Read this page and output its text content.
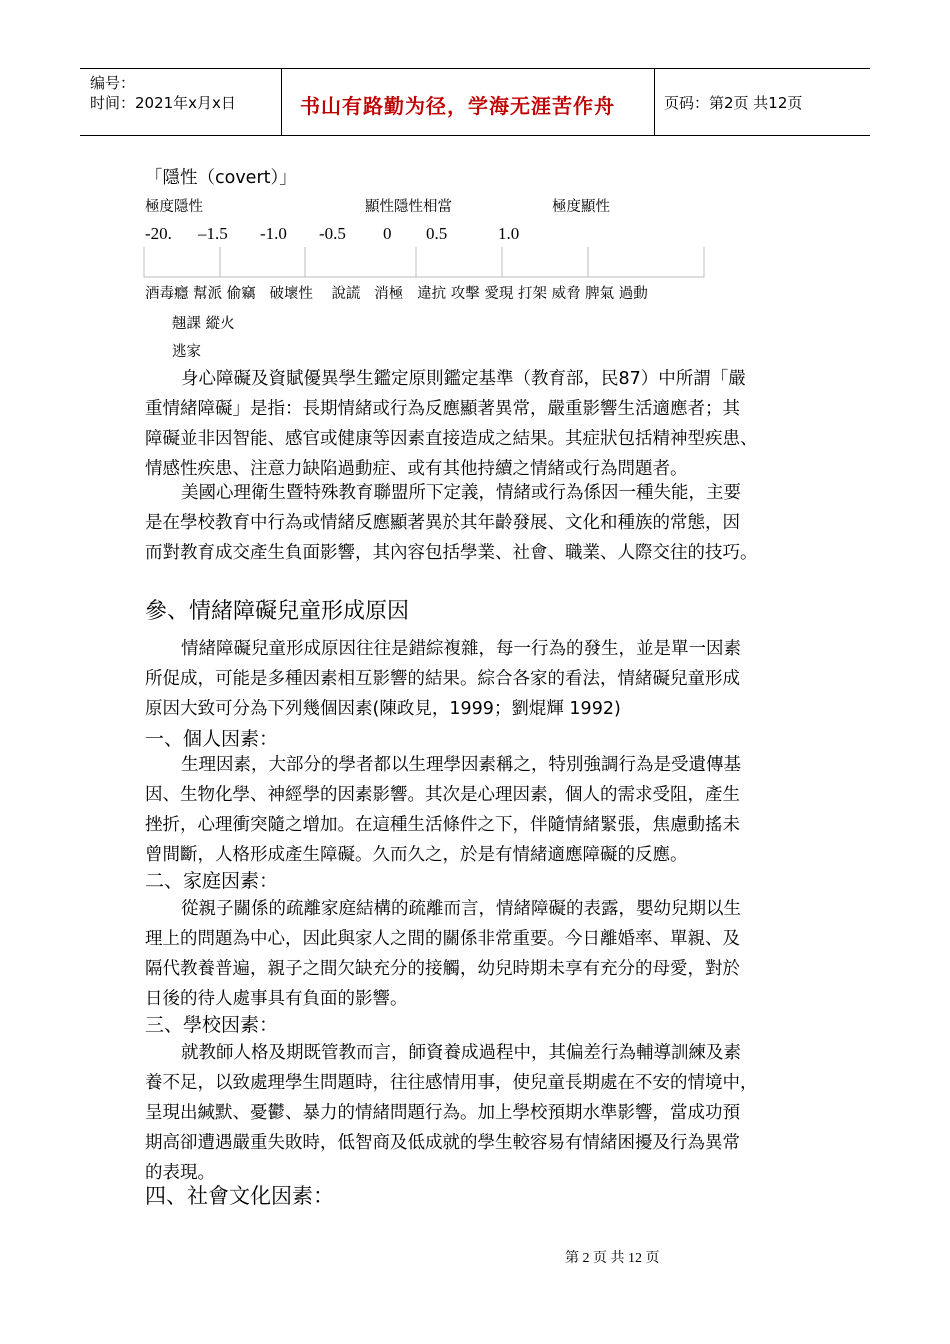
编号：
时间：2021年x月x日	书山有路勤为径，学海无涯苦作舟	页码：第2页 共12页
「隱性（covert）」
極度隱性	顯性隱性相當	極度顯性
-20. –1.5 -1.0 -0.5 0 0.5	1.0
酒毒癮 幫派 偷竊   破壞性    說謊   消極   違抗 攻擊 愛現 打架 威脅 脾氣 過動
翹課 縱火
逃家
身心障礙及資賦優異學生鑑定原則鑑定基準（教育部，民87）中所謂「嚴
重情緒障礙」是指：長期情緒或行為反應顯著異常，嚴重影響生活適應者；其
障礙並非因智能、感官或健康等因素直接造成之結果。其症狀包括精神型疾患、
情感性疾患、注意力缺陷過動症、或有其他持續之情緒或行為問題者。
美國心理衛生暨特殊教育聯盟所下定義，情緒或行為係因一種失能，主要
是在學校教育中行為或情緒反應顯著異於其年齡發展、文化和種族的常態，因
而對教育成交產生負面影響，其內容包括學業、社會、職業、人際交往的技巧。
參、情緒障礙兒童形成原因
情緒障礙兒童形成原因往往是錯綜複雜，每一行為的發生，並是單一因素
所促成，可能是多種因素相互影響的結果。綜合各家的看法，情緒礙兒童形成
原因大致可分為下列幾個因素(陳政見，1999；劉焜輝 1992)
一、個人因素：
生理因素，大部分的學者都以生理學因素稱之，特別強調行為是受遺傳基
因、生物化學、神經學的因素影響。其次是心理因素，個人的需求受阻，產生
挫折，心理衝突隨之增加。在這種生活條件之下，伴隨情緒緊張，焦慮動搖未
曾間斷，人格形成產生障礙。久而久之，於是有情緒適應障礙的反應。
二、家庭因素：
從親子關係的疏離家庭結構的疏離而言，情緒障礙的表露，嬰幼兒期以生
理上的問題為中心，因此與家人之間的關係非常重要。今日離婚率、單親、及
隔代教養普遍，親子之間欠缺充分的接觸，幼兒時期未享有充分的母愛，對於
日後的待人處事具有負面的影響。
三、學校因素：
就教師人格及期既管教而言，師資養成過程中，其偏差行為輔導訓練及素
養不足，以致處理學生問題時，往往感情用事，使兒童長期處在不安的情境中，
呈現出緘默、憂鬱、暴力的情緒問題行為。加上學校預期水準影響，當成功預
期高卻遭遇嚴重失敗時，低智商及低成就的學生較容易有情緒困擾及行為異常
的表現。
四、社會文化因素：
第 2 页 共 12 页
